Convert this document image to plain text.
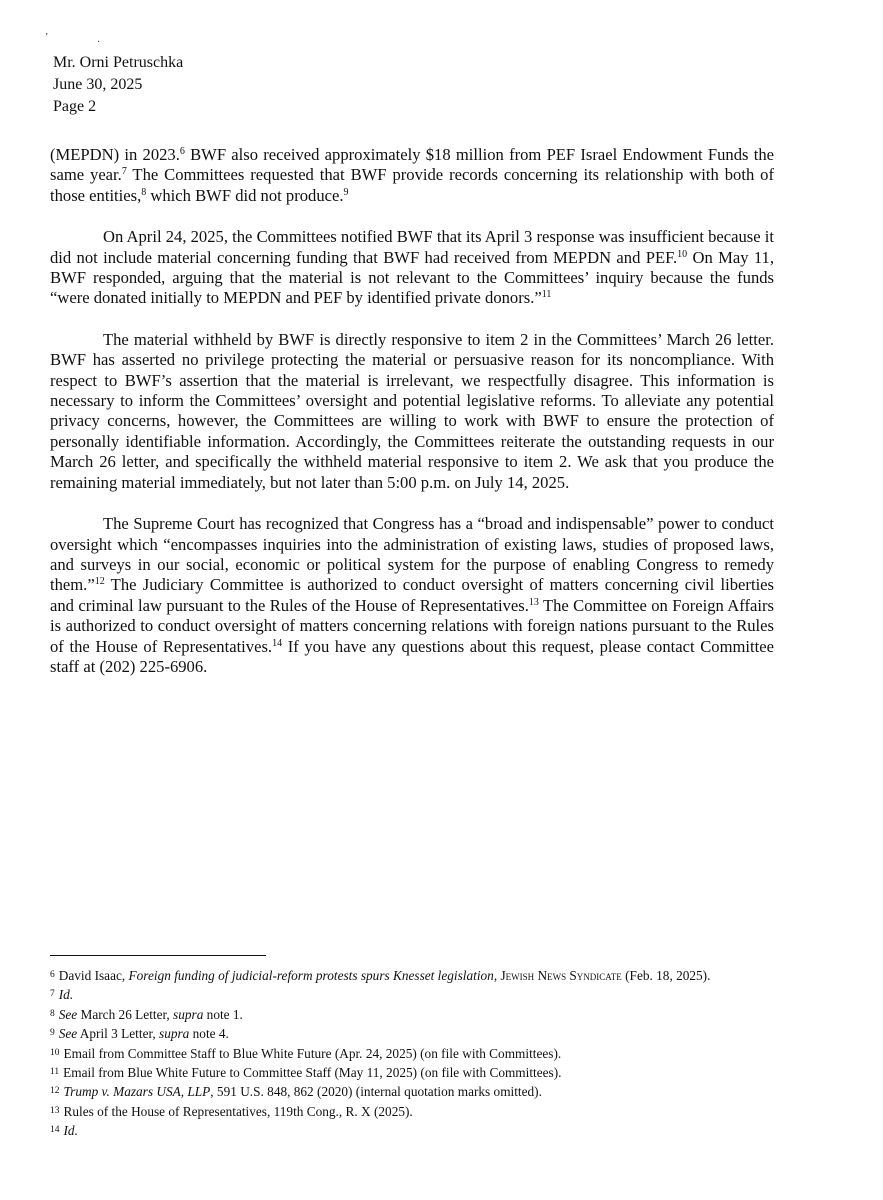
’	·
Mr. Orni Petruschka
June 30, 2025
Page 2

(MEPDN) in 2023.$^6$ BWF also received approximately $18 million from PEF Israel Endowment Funds the same year.$^7$ The Committees requested that BWF provide records concerning its relationship with both of those entities,$^8$ which BWF did not produce.$^9$

On April 24, 2025, the Committees notified BWF that its April 3 response was insufficient because it did not include material concerning funding that BWF had received from MEPDN and PEF.$^{10}$ On May 11, BWF responded, arguing that the material is not relevant to the Committees’ inquiry because the funds “were donated initially to MEPDN and PEF by identified private donors.”$^{11}$

The material withheld by BWF is directly responsive to item 2 in the Committees’ March 26 letter. BWF has asserted no privilege protecting the material or persuasive reason for its noncompliance. With respect to BWF’s assertion that the material is irrelevant, we respectfully disagree. This information is necessary to inform the Committees’ oversight and potential legislative reforms. To alleviate any potential privacy concerns, however, the Committees are willing to work with BWF to ensure the protection of personally identifiable information. Accordingly, the Committees reiterate the outstanding requests in our March 26 letter, and specifically the withheld material responsive to item 2. We ask that you produce the remaining material immediately, but not later than 5:00 p.m. on July 14, 2025.

The Supreme Court has recognized that Congress has a “broad and indispensable” power to conduct oversight which “encompasses inquiries into the administration of existing laws, studies of proposed laws, and surveys in our social, economic or political system for the purpose of enabling Congress to remedy them.”$^{12}$ The Judiciary Committee is authorized to conduct oversight of matters concerning civil liberties and criminal law pursuant to the Rules of the House of Representatives.$^{13}$ The Committee on Foreign Affairs is authorized to conduct oversight of matters concerning relations with foreign nations pursuant to the Rules of the House of Representatives.$^{14}$ If you have any questions about this request, please contact Committee staff at (202) 225-6906.

$^6$ David Isaac, Foreign funding of judicial-reform protests spurs Knesset legislation, Jewish News Syndicate (Feb. 18, 2025).
$^7$ Id.
$^8$ See March 26 Letter, supra note 1.
$^9$ See April 3 Letter, supra note 4.
$^{10}$ Email from Committee Staff to Blue White Future (Apr. 24, 2025) (on file with Committees).
$^{11}$ Email from Blue White Future to Committee Staff (May 11, 2025) (on file with Committees).
$^{12}$ Trump v. Mazars USA, LLP, 591 U.S. 848, 862 (2020) (internal quotation marks omitted).
$^{13}$ Rules of the House of Representatives, 119th Cong., R. X (2025).
$^{14}$ Id.
